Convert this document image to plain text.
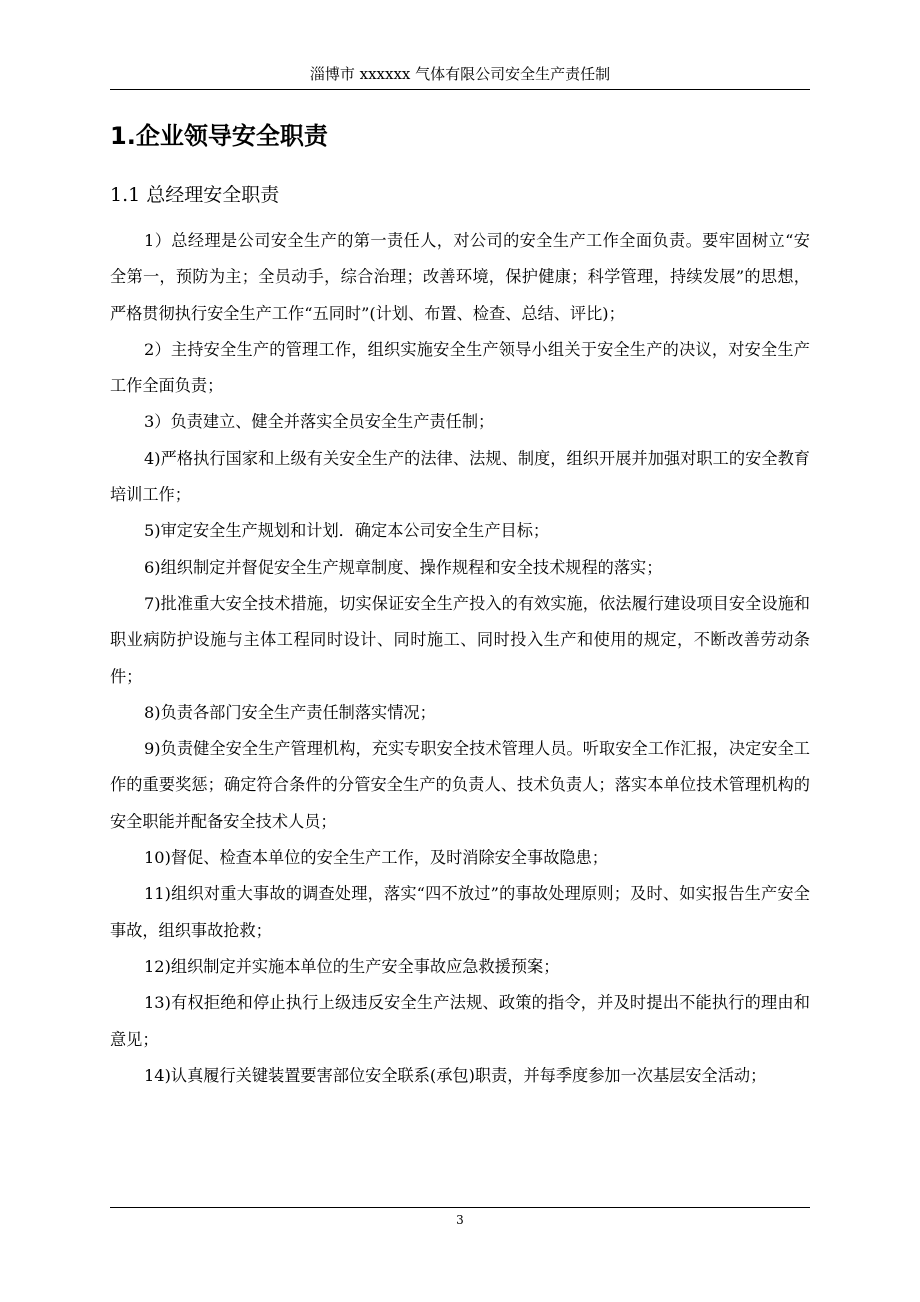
淄博市 xxxxxx 气体有限公司安全生产责任制
1.企业领导安全职责
1.1 总经理安全职责

1）总经理是公司安全生产的第一责任人，对公司的安全生产工作全面负责。要牢固树立“安全第一，预防为主；全员动手，综合治理；改善环境，保护健康；科学管理，持续发展”的思想，严格贯彻执行安全生产工作“五同时”(计划、布置、检查、总结、评比)；

2）主持安全生产的管理工作，组织实施安全生产领导小组关于安全生产的决议，对安全生产工作全面负责；

3）负责建立、健全并落实全员安全生产责任制；

4)严格执行国家和上级有关安全生产的法律、法规、制度，组织开展并加强对职工的安全教育培训工作；

5)审定安全生产规划和计划．确定本公司安全生产目标；

6)组织制定并督促安全生产规章制度、操作规程和安全技术规程的落实；

7)批准重大安全技术措施，切实保证安全生产投入的有效实施，依法履行建设项目安全设施和职业病防护设施与主体工程同时设计、同时施工、同时投入生产和使用的规定，不断改善劳动条件；

8)负责各部门安全生产责任制落实情况；

9)负责健全安全生产管理机构，充实专职安全技术管理人员。听取安全工作汇报，决定安全工作的重要奖惩；确定符合条件的分管安全生产的负责人、技术负责人；落实本单位技术管理机构的安全职能并配备安全技术人员；

10)督促、检查本单位的安全生产工作，及时消除安全事故隐患；

11)组织对重大事故的调查处理，落实“四不放过”的事故处理原则；及时、如实报告生产安全事故，组织事故抢救；

12)组织制定并实施本单位的生产安全事故应急救援预案；

13)有权拒绝和停止执行上级违反安全生产法规、政策的指令，并及时提出不能执行的理由和意见；

14)认真履行关键装置要害部位安全联系(承包)职责，并每季度参加一次基层安全活动；

3
